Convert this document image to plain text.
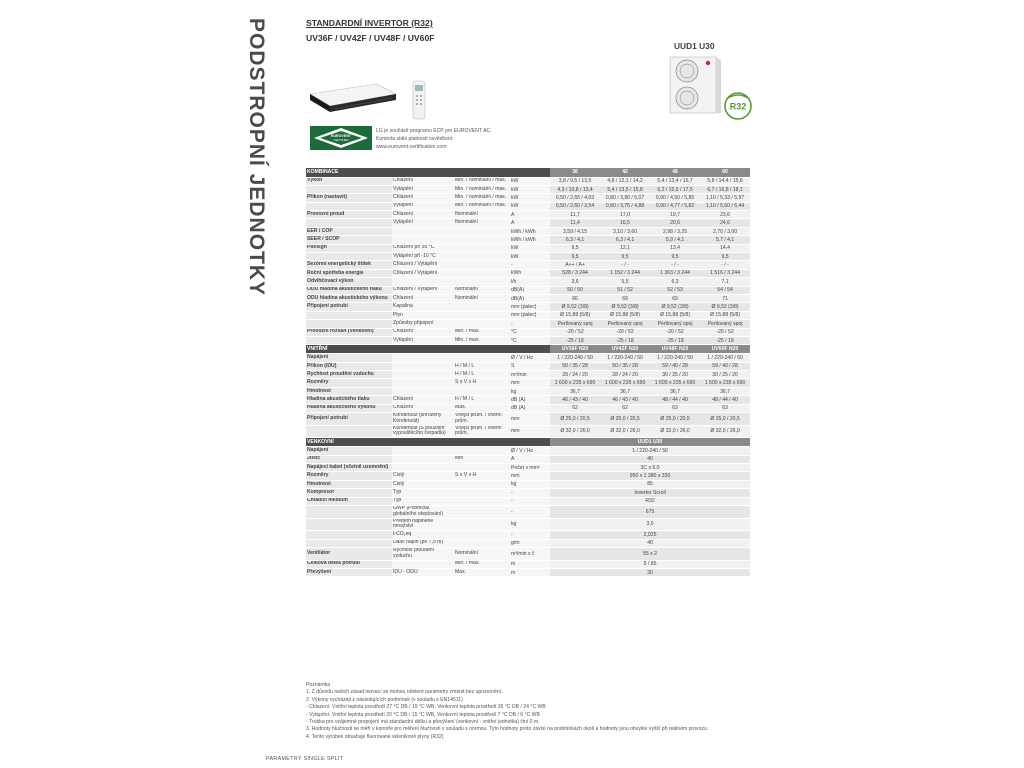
PODSTROPNÍ JEDNOTKY	STANDARDNÍ INVERTOR (R32)
UV36F / UV42F / UV48F / UV60F
EUROVENT
CERTIFIED
LG je součástí programu ECP pro EUROVENT AC.
Kontrola stálé platnosti osvědčení:
www.eurovent-certification.com
UUD1 U30
R32
KOMBINACE				36	42	48	60
Výkon	Chlazení	Min. / nominální / max.	kW	3,8 / 9,5 / 13,5	4,8 / 12,1 / 14,2	5,4 / 13,4 / 15,7	5,8 / 14,4 / 15,6
	Vytápění	Min. / nominální / max.	kW	4,3 / 10,8 / 13,4	5,4 / 13,5 / 15,8	6,2 / 15,5 / 17,5	6,7 / 16,8 / 18,1
Příkon (nastavit)	Chlazení	Min. / nominální / max.	kW	0,50 / 2,65 / 4,03	0,80 / 3,90 / 5,07	0,90 / 4,50 / 5,85	1,10 / 5,33 / 5,97
	Vytápění	Min. / nominální / max.	kW	0,50 / 2,60 / 3,54	0,80 / 3,75 / 4,88	0,90 / 4,77 / 5,82	1,10 / 5,60 / 6,44
Provozní proud	Chlazení	Nominální	A	11,7	17,0	19,7	23,6
	Vytápění	Nominální	A	11,4	16,5	20,6	24,6
EER / COP			kWh / kWh	3,59 / 4,15	3,10 / 3,60	2,98 / 3,25	2,70 / 3,00
SEER / SCOP			kWh / kWh	6,3 / 4,1	6,3 / 4,1	5,9 / 4,1	5,7 / 4,1
Pdesign	Chlazení při 35 °C		kW	9,5	12,1	13,4	14,4
	Vytápění při -10 °C		kW	9,5	9,5	9,5	9,5
Sezónní energetický štítek	Chlazení / Vytápění		-	A++ / A+	- / -	- / -	- / -
Roční spotřeba energie	Chlazení / Vytápění		kWh	528 / 3 244	1 152 / 3 244	1 363 / 3 244	1 516 / 3 244
Odvlhčovací výkon			l/h	3,6	5,5	6,3	7,1
ODU hladina akustického tlaku	Chlazení / Vytápění	Nominální	dB(A)	50 / 50	51 / 52	52 / 53	54 / 54
ODU hladina akustického výkonu	Chlazení	Nominální	dB(A)	66	69	69	71
Připojení potrubí	Kapalina		mm (palec)	Ø 9,52 (3/8)	Ø 9,52 (3/8)	Ø 9,52 (3/8)	Ø 9,52 (3/8)
	Plyn		mm (palec)	Ø 15,88 (5/8)	Ø 15,88 (5/8)	Ø 15,88 (5/8)	Ø 15,88 (5/8)
	Způsoby připojení		-	Pertlovaný spoj	Pertlovaný spoj	Pertlovaný spoj	Pertlovaný spoj
Provozní rozsah (Venkovní)	Chlazení	Min. / max.	°C	-20 / 52	-20 / 52	-20 / 52	-20 / 52
	Vytápění	Min. / max.	°C	-25 / 18	-25 / 18	-25 / 18	-25 / 18
VNITŘNÍ				UV36F N20	UV42F N20	UV48F N20	UV60F N20
Napájení			Ø / V / Hz	1 / 220-240 / 50	1 / 220-240 / 50	1 / 220-240 / 50	1 / 220-240 / 50
Příkon (IDU)		H / M / L	Š	50 / 35 / 28	50 / 35 / 28	59 / 40 / 28	59 / 40 / 28
Rychlost proudění vzduchu		H / M / L	m³/min	28 / 24 / 20	28 / 24 / 20	30 / 25 / 20	30 / 25 / 20
Rozměry		Š x V x H	mm	1 600 x 235 x 690	1 600 x 235 x 690	1 600 x 235 x 690	1 600 x 235 x 690
Hmotnost			kg	36,7	36,7	36,7	36,7
Hladina akustického tlaku	Chlazení	H / M / L	dB (A)	46 / 43 / 40	46 / 43 / 40	48 / 44 / 40	48 / 44 / 40
Hladina akustického výkonu	Chlazení	Max.	dB (A)	62	62	63	63
Připojení potrubí	Kondenzát (přirozený Kondenzát)	Vnější prům. / vnitřní prům.	mm	Ø 25,0 / 20,5	Ø 25,0 / 20,5	Ø 25,0 / 20,5	Ø 25,0 / 20,5
	Kondenzát (S použitím vypouštěcího čerpadla)	Vnější prům. / vnitřní prům.	mm	Ø 32,0 / 26,0	Ø 32,0 / 26,0	Ø 32,0 / 26,0	Ø 32,0 / 26,0
VENKOVNÍ				UUD1 U30			
Napájení			Ø / V / Hz	1 / 220-240 / 50			
Jistič		Min	A	40			
Napájecí kabel (včetně uzemnění)			Počet x mm²	3C x 6,0			
Rozměry	Čistý	Š x V x H	mm	950 x 1 380 x 330			
Hmotnost	Čistý		kg	85			
Kompresor	Typ		-	Inverter Scroll			
Chladicí médium	Typ		-	R32			
	GWP (Potenciál globálního oteplování)		-	675			
	Předem naplněné množství		kg	3,0			
	t-CO₂eq		-	2,025			
	Další náplň (po 7,5 m)		g/m	40			
Ventilátor	Rychlost proudění vzduchu	Nominální	m³/min x č	55 x 2			
Celková délka potrubí		Min. / max.	m	5 / 85			
Převýšení	IDU - ODU	Max.	m	30			
Poznámka
1. Z důvodu našich zásad inovací se mohou některé parametry změnit bez upozornění.
2. Výkony vycházejí z následujících podmínek (v souladu s EN14511)
- Chlazení: Vnitřní teplota prostředí 27 °C DB / 19 °C WB, Venkovní teplota prostředí 35 °C DB / 24 °C WB
- Vytápění: Vnitřní teplota prostředí 20 °C DB / 15 °C WB, Venkovní teplota prostředí 7 °C DB / 6 °C WB
- Trubka pro vzájemné propojení má standardní délku a převýšení (venkovní - vnitřní jednotka) činí 0 m.
3. Hodnoty hlučnosti se měří v komoře pro měření hlučnosti v souladu s normou. Tyto hodnoty proto závisí na podmínkách okolí a hodnoty jsou obvykle vyšší při reálném provozu.
4. Tento výrobek obsahuje fluorované skleníkové plyny (R32)
PARAMETRY SINGLE SPLIT
